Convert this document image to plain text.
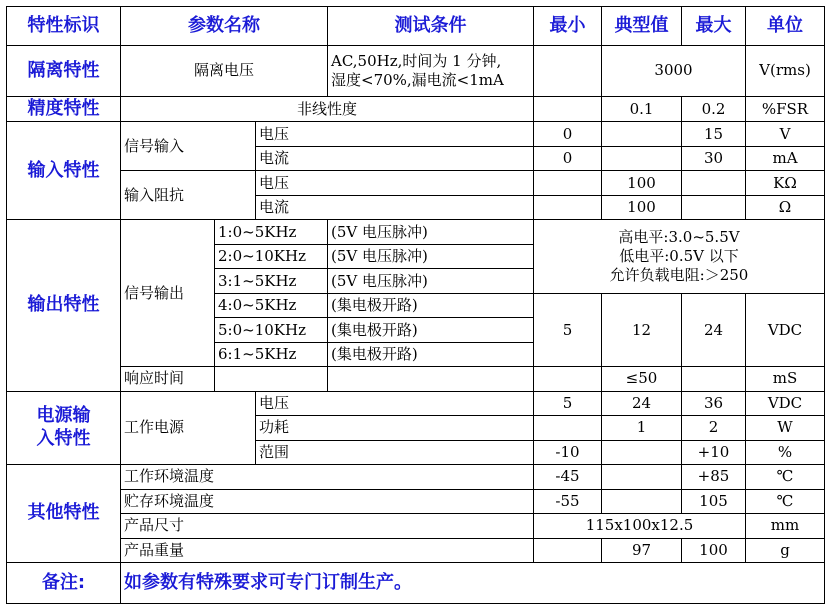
特性标识	参数名称			测试条件	最小	典型值	最大	单位
隔离特性	隔离电压			AC,50Hz,时间为 1 分钟,
湿度<70%,漏电流<1mA		3000		V(rms)
精度特性	非线性度					0.1	0.2	%FSR
输入特性	信号输入		电压		0		15	V
			电流		0		30	mA
	输入阻抗		电压			100		KΩ
			电流			100		Ω
输出特性	信号输出	1:0~5KHz		(5V 电压脉冲)	高电平:3.0~5.5V
低电平:0.5V 以下
允许负载电阻:＞250			

		2:0~10KHz		(5V 电压脉冲)				
		3:1~5KHz		(5V 电压脉冲)				
		4:0~5KHz		(集电极开路)	5	12	24	VDC
		5:0~10KHz		(集电极开路)				
		6:1~5KHz		(集电极开路)				
	响应时间					≤50		mS

电源输
入特性	工作电源		电压		5	24	36	VDC
			功耗			1	2	W
			范围		-10		+10	%
其他特性	工作环境温度				-45		+85	℃
	贮存环境温度				-55		105	℃
	产品尺寸				115x100x12.5			mm
	产品重量					97	100	g
备注:	如参数有特殊要求可专门订制生产。							
